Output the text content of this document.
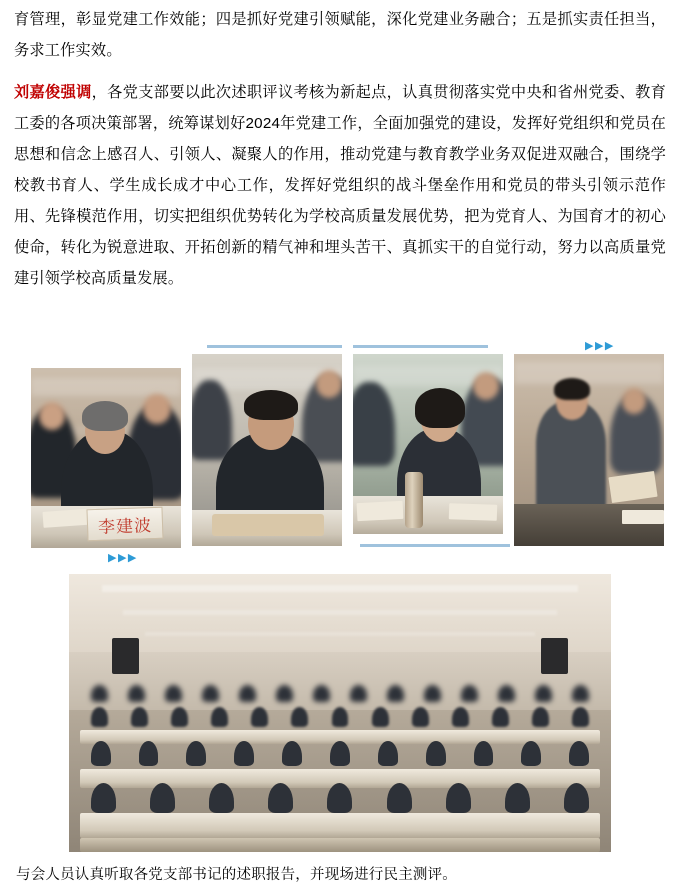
育管理，彰显党建工作效能；四是抓好党建引领赋能，深化党建业务融合；五是抓实责任担当，务求工作实效。

刘嘉俊强调，各党支部要以此次述职评议考核为新起点，认真贯彻落实党中央和省州党委、教育工委的各项决策部署，统筹谋划好2024年党建工作，全面加强党的建设，发挥好党组织和党员在思想和信念上感召人、引领人、凝聚人的作用，推动党建与教育教学业务双促进双融合，围绕学校教书育人、学生成长成才中心工作，发挥好党组织的战斗堡垒作用和党员的带头引领示范作用、先锋模范作用，切实把组织优势转化为学校高质量发展优势，把为党育人、为国育才的初心使命，转化为锐意进取、开拓创新的精气神和埋头苦干、真抓实干的自觉行动，努力以高质量党建引领学校高质量发展。

▶▶▶
▶▶▶
李建波

与会人员认真听取各党支部书记的述职报告，并现场进行民主测评。
